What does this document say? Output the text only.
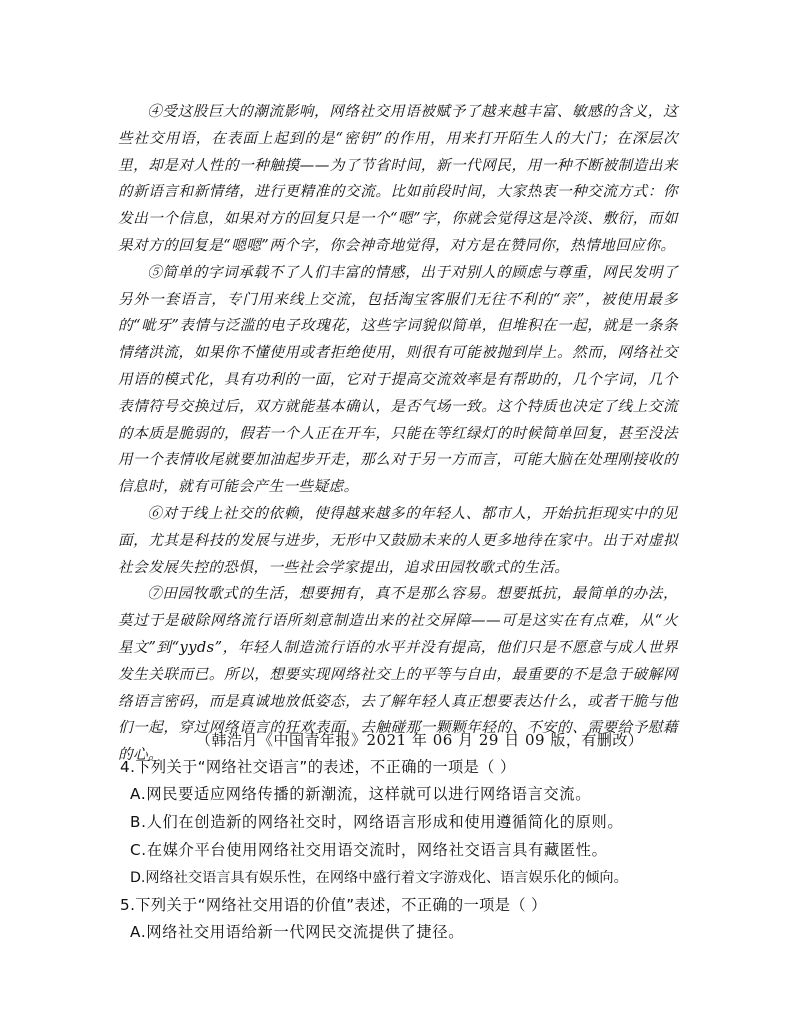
④受这股巨大的潮流影响，网络社交用语被赋予了越来越丰富、敏感的含义，这些社交用语，在表面上起到的是“密钥”的作用，用来打开陌生人的大门；在深层次里，却是对人性的一种触摸——为了节省时间，新一代网民，用一种不断被制造出来的新语言和新情绪，进行更精准的交流。比如前段时间，大家热衷一种交流方式：你发出一个信息，如果对方的回复只是一个“嗯”字，你就会觉得这是冷淡、敷衍，而如果对方的回复是“嗯嗯”两个字，你会神奇地觉得，对方是在赞同你，热情地回应你。

⑤简单的字词承载不了人们丰富的情感，出于对别人的顾虑与尊重，网民发明了另外一套语言，专门用来线上交流，包括淘宝客服们无往不利的“亲”，被使用最多的“呲牙”表情与泛滥的电子玫瑰花，这些字词貌似简单，但堆积在一起，就是一条条情绪洪流，如果你不懂使用或者拒绝使用，则很有可能被抛到岸上。然而，网络社交用语的模式化，具有功利的一面，它对于提高交流效率是有帮助的，几个字词，几个表情符号交换过后，双方就能基本确认，是否气场一致。这个特质也决定了线上交流的本质是脆弱的，假若一个人正在开车，只能在等红绿灯的时候简单回复，甚至没法用一个表情收尾就要加油起步开走，那么对于另一方而言，可能大脑在处理刚接收的信息时，就有可能会产生一些疑虑。

⑥对于线上社交的依赖，使得越来越多的年轻人、都市人，开始抗拒现实中的见面，尤其是科技的发展与进步，无形中又鼓励未来的人更多地待在家中。出于对虚拟社会发展失控的恐惧，一些社会学家提出，追求田园牧歌式的生活。

⑦田园牧歌式的生活，想要拥有，真不是那么容易。想要抵抗，最简单的办法，莫过于是破除网络流行语所刻意制造出来的社交屏障——可是这实在有点难，从“火星文”到“yyds”，年轻人制造流行语的水平并没有提高，他们只是不愿意与成人世界发生关联而已。所以，想要实现网络社交上的平等与自由，最重要的不是急于破解网络语言密码，而是真诚地放低姿态，去了解年轻人真正想要表达什么，或者干脆与他们一起，穿过网络语言的狂欢表面，去触碰那一颗颗年轻的、不安的、需要给予慰藉的心。

（韩浩月《中国青年报》2021 年 06 月 29 日 09 版，有删改）
4.下列关于“网络社交语言”的表述，不正确的一项是（ ）
A.网民要适应网络传播的新潮流，这样就可以进行网络语言交流。
B.人们在创造新的网络社交时，网络语言形成和使用遵循简化的原则。
C.在媒介平台使用网络社交用语交流时，网络社交语言具有藏匿性。
D.网络社交语言具有娱乐性，在网络中盛行着文字游戏化、语言娱乐化的倾向。
5.下列关于“网络社交用语的价值”表述，不正确的一项是（ ）
A.网络社交用语给新一代网民交流提供了捷径。
